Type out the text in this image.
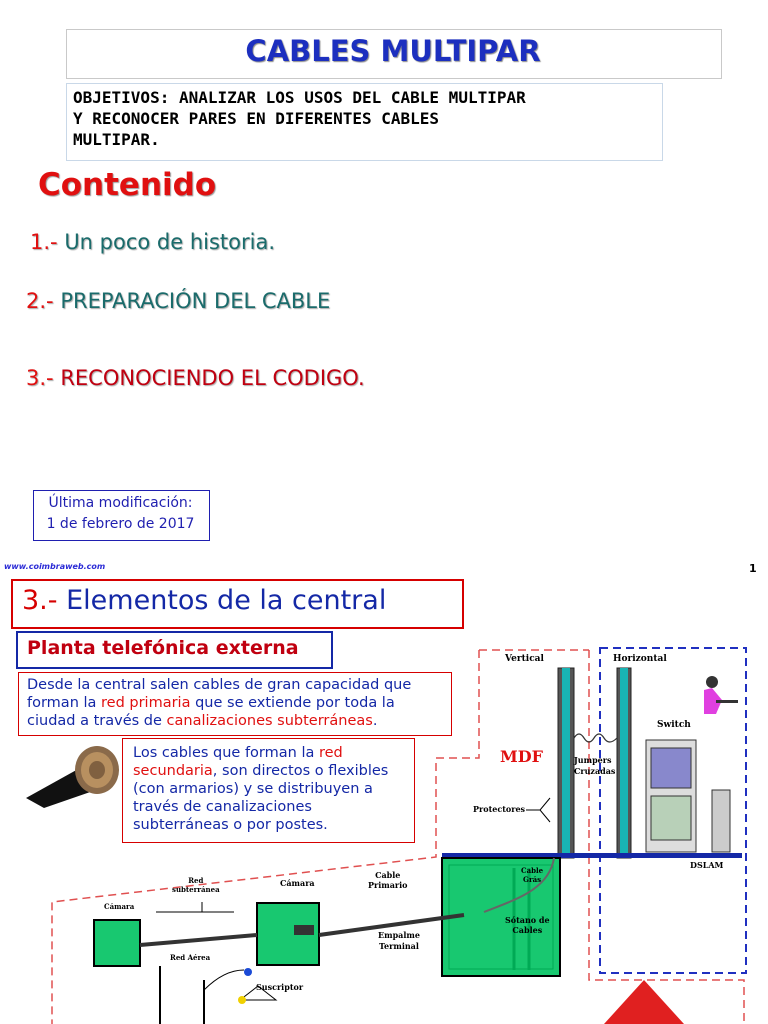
CABLES MULTIPAR
OBJETIVOS: ANALIZAR LOS USOS DEL CABLE MULTIPAR
Y RECONOCER PARES EN DIFERENTES CABLES
MULTIPAR.
Contenido
1.- Un poco de historia.
2.- PREPARACIÓN DEL CABLE
3.- RECONOCIENDO EL CODIGO.
Última modificación:
1 de febrero de 2017
www.coimbraweb.com	1
Vertical	Horizontal
Switch
MDF	Jumpers
Cruzadas
Protectores
DSLAM
Cable
Grás
Sótano de
Cables
Empalme
Terminal
Cable
Primario
Cámara
Cámara
Red
subterránea
Red Aérea
Suscriptor
3.- Elementos de la central
Planta telefónica externa
Desde la central salen cables de gran capacidad que forman la red primaria que se extiende por toda la ciudad a través de canalizaciones subterráneas.
Los cables que forman la red secundaria, son directos o flexibles (con armarios) y se distribuyen a través de canalizaciones subterráneas o por postes.
